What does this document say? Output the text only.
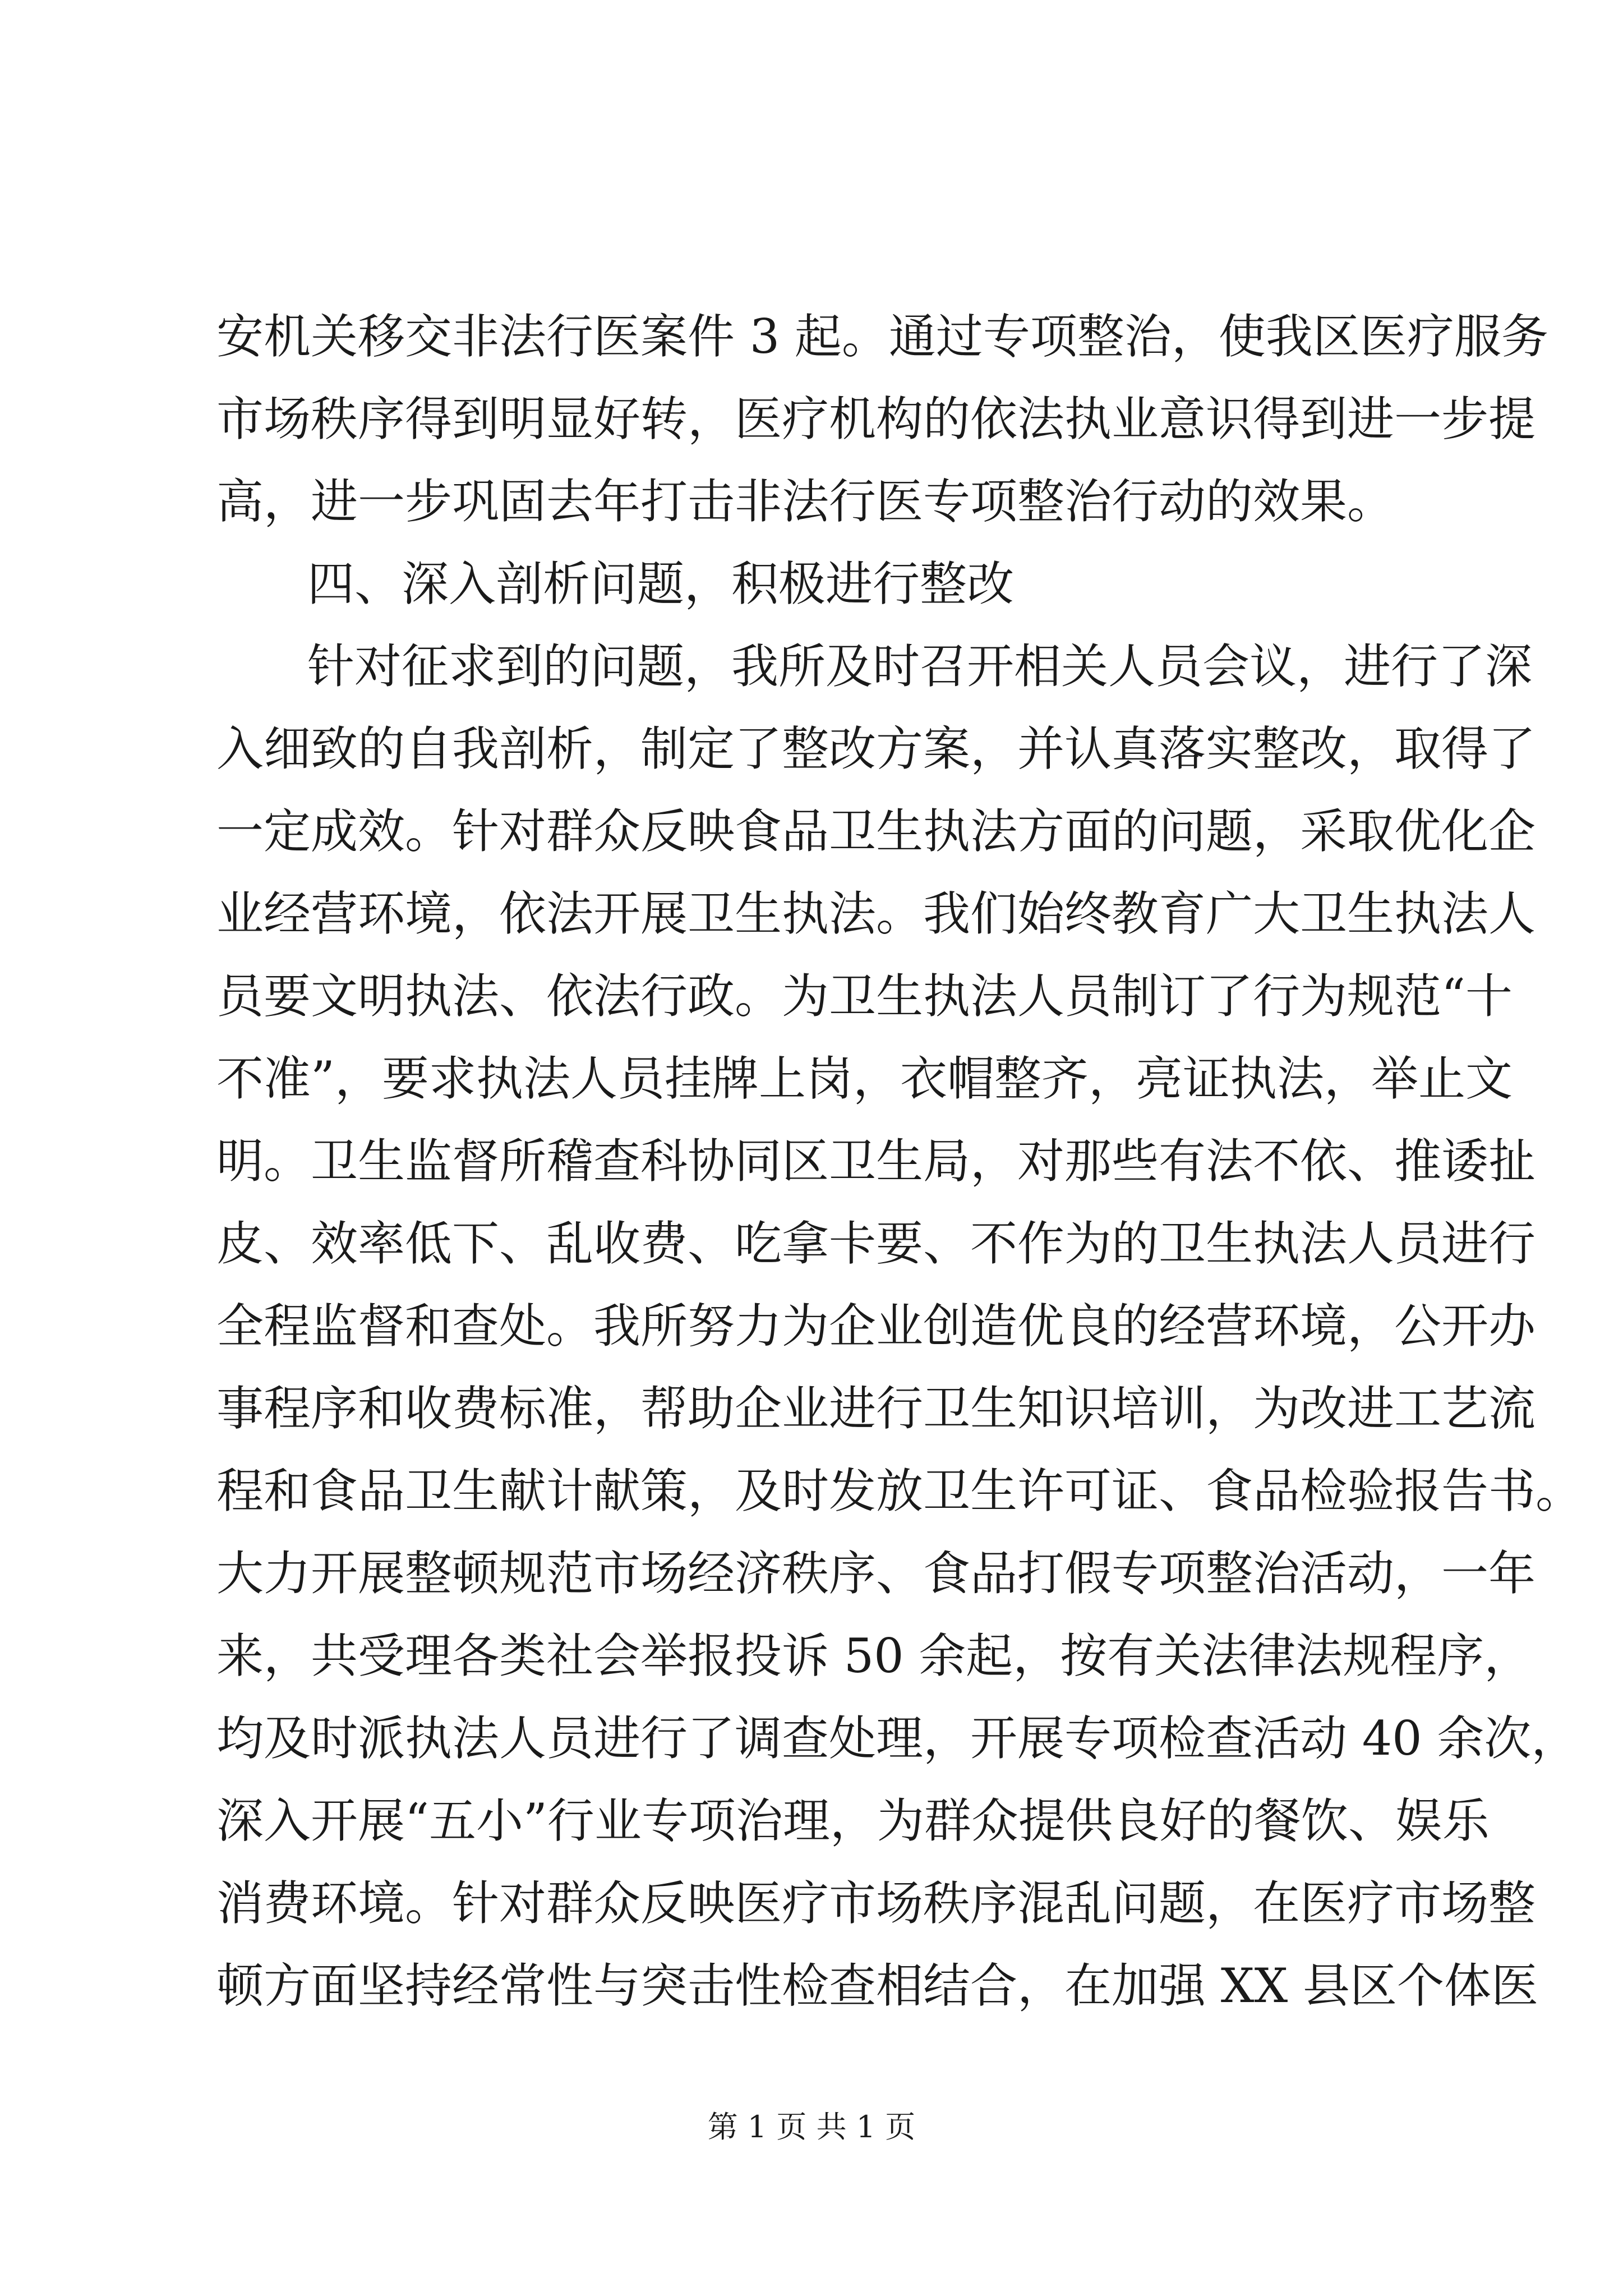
安机关移交非法行医案件 3 起。通过专项整治，使我区医疗服务
市场秩序得到明显好转，医疗机构的依法执业意识得到进一步提
高，进一步巩固去年打击非法行医专项整治行动的效果。
四、深入剖析问题，积极进行整改
针对征求到的问题，我所及时召开相关人员会议，进行了深
入细致的自我剖析，制定了整改方案，并认真落实整改，取得了
一定成效。针对群众反映食品卫生执法方面的问题，采取优化企
业经营环境，依法开展卫生执法。我们始终教育广大卫生执法人
员要文明执法、依法行政。为卫生执法人员制订了行为规范“十
不准”，要求执法人员挂牌上岗，衣帽整齐，亮证执法，举止文
明。卫生监督所稽查科协同区卫生局，对那些有法不依、推诿扯
皮、效率低下、乱收费、吃拿卡要、不作为的卫生执法人员进行
全程监督和查处。我所努力为企业创造优良的经营环境，公开办
事程序和收费标准，帮助企业进行卫生知识培训，为改进工艺流
程和食品卫生献计献策，及时发放卫生许可证、食品检验报告书。
大力开展整顿规范市场经济秩序、食品打假专项整治活动，一年
来，共受理各类社会举报投诉 50 余起，按有关法律法规程序，
均及时派执法人员进行了调查处理，开展专项检查活动 40 余次，
深入开展“五小”行业专项治理，为群众提供良好的餐饮、娱乐
消费环境。针对群众反映医疗市场秩序混乱问题，在医疗市场整
顿方面坚持经常性与突击性检查相结合，在加强 XX 县区个体医
第 1 页 共 1 页
